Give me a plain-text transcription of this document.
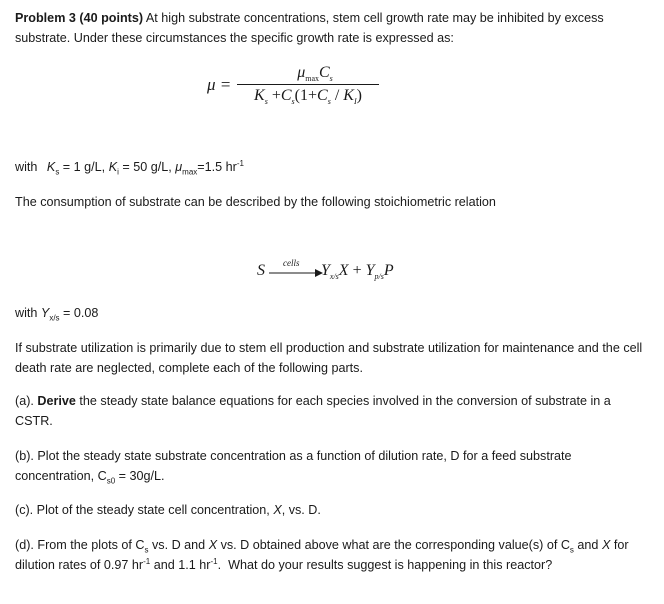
Problem 3 (40 points) At high substrate concentrations, stem cell growth rate may be inhibited by excess substrate. Under these circumstances the specific growth rate is expressed as:

μ =
$\mu_{max}C_s$
$K_s +C_s(1+C_s / K_I)$

with $K_s = 1$ g/L, $K_i = 50$ g/L, $\mu_{max}=1.5$ $hr^{-1}$

The consumption of substrate can be described by the following stoichiometric relation

S cells $Y_{x/s}X + Y_{p/s}P$

with $Y_{x/s} = 0.08$

If substrate utilization is primarily due to stem ell production and substrate utilization for maintenance and the cell death rate are neglected, complete each of the following parts.

(a). Derive the steady state balance equations for each species involved in the conversion of substrate in a CSTR.

(b). Plot the steady state substrate concentration as a function of dilution rate, D for a feed substrate concentration, $C_{s0} = 30g/L$.

(c). Plot of the steady state cell concentration, X, vs. D.

(d). From the plots of $C_s$ vs. D and X vs. D obtained above what are the corresponding value(s) of $C_s$ and X for dilution rates of 0.97 $hr^{-1}$ and 1.1 $hr^{-1}$.  What do your results suggest is happening in this reactor?
